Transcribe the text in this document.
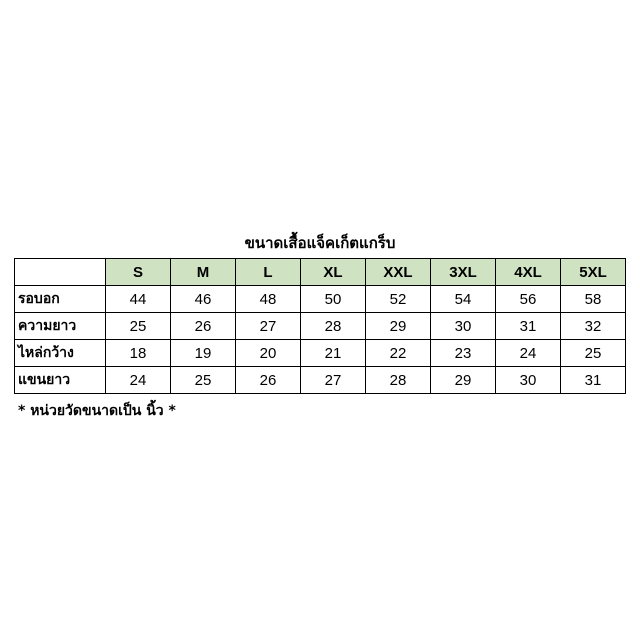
ขนาดเสื้อแจ็คเก็ตแกร็บ
	S	M	L	XL	XXL	3XL	4XL	5XL
รอบอก	44	46	48	50	52	54	56	58
ความยาว	25	26	27	28	29	30	31	32
ไหล่กว้าง	18	19	20	21	22	23	24	25
แขนยาว	24	25	26	27	28	29	30	31
* หน่วยวัดขนาดเป็น นิ้ว *
